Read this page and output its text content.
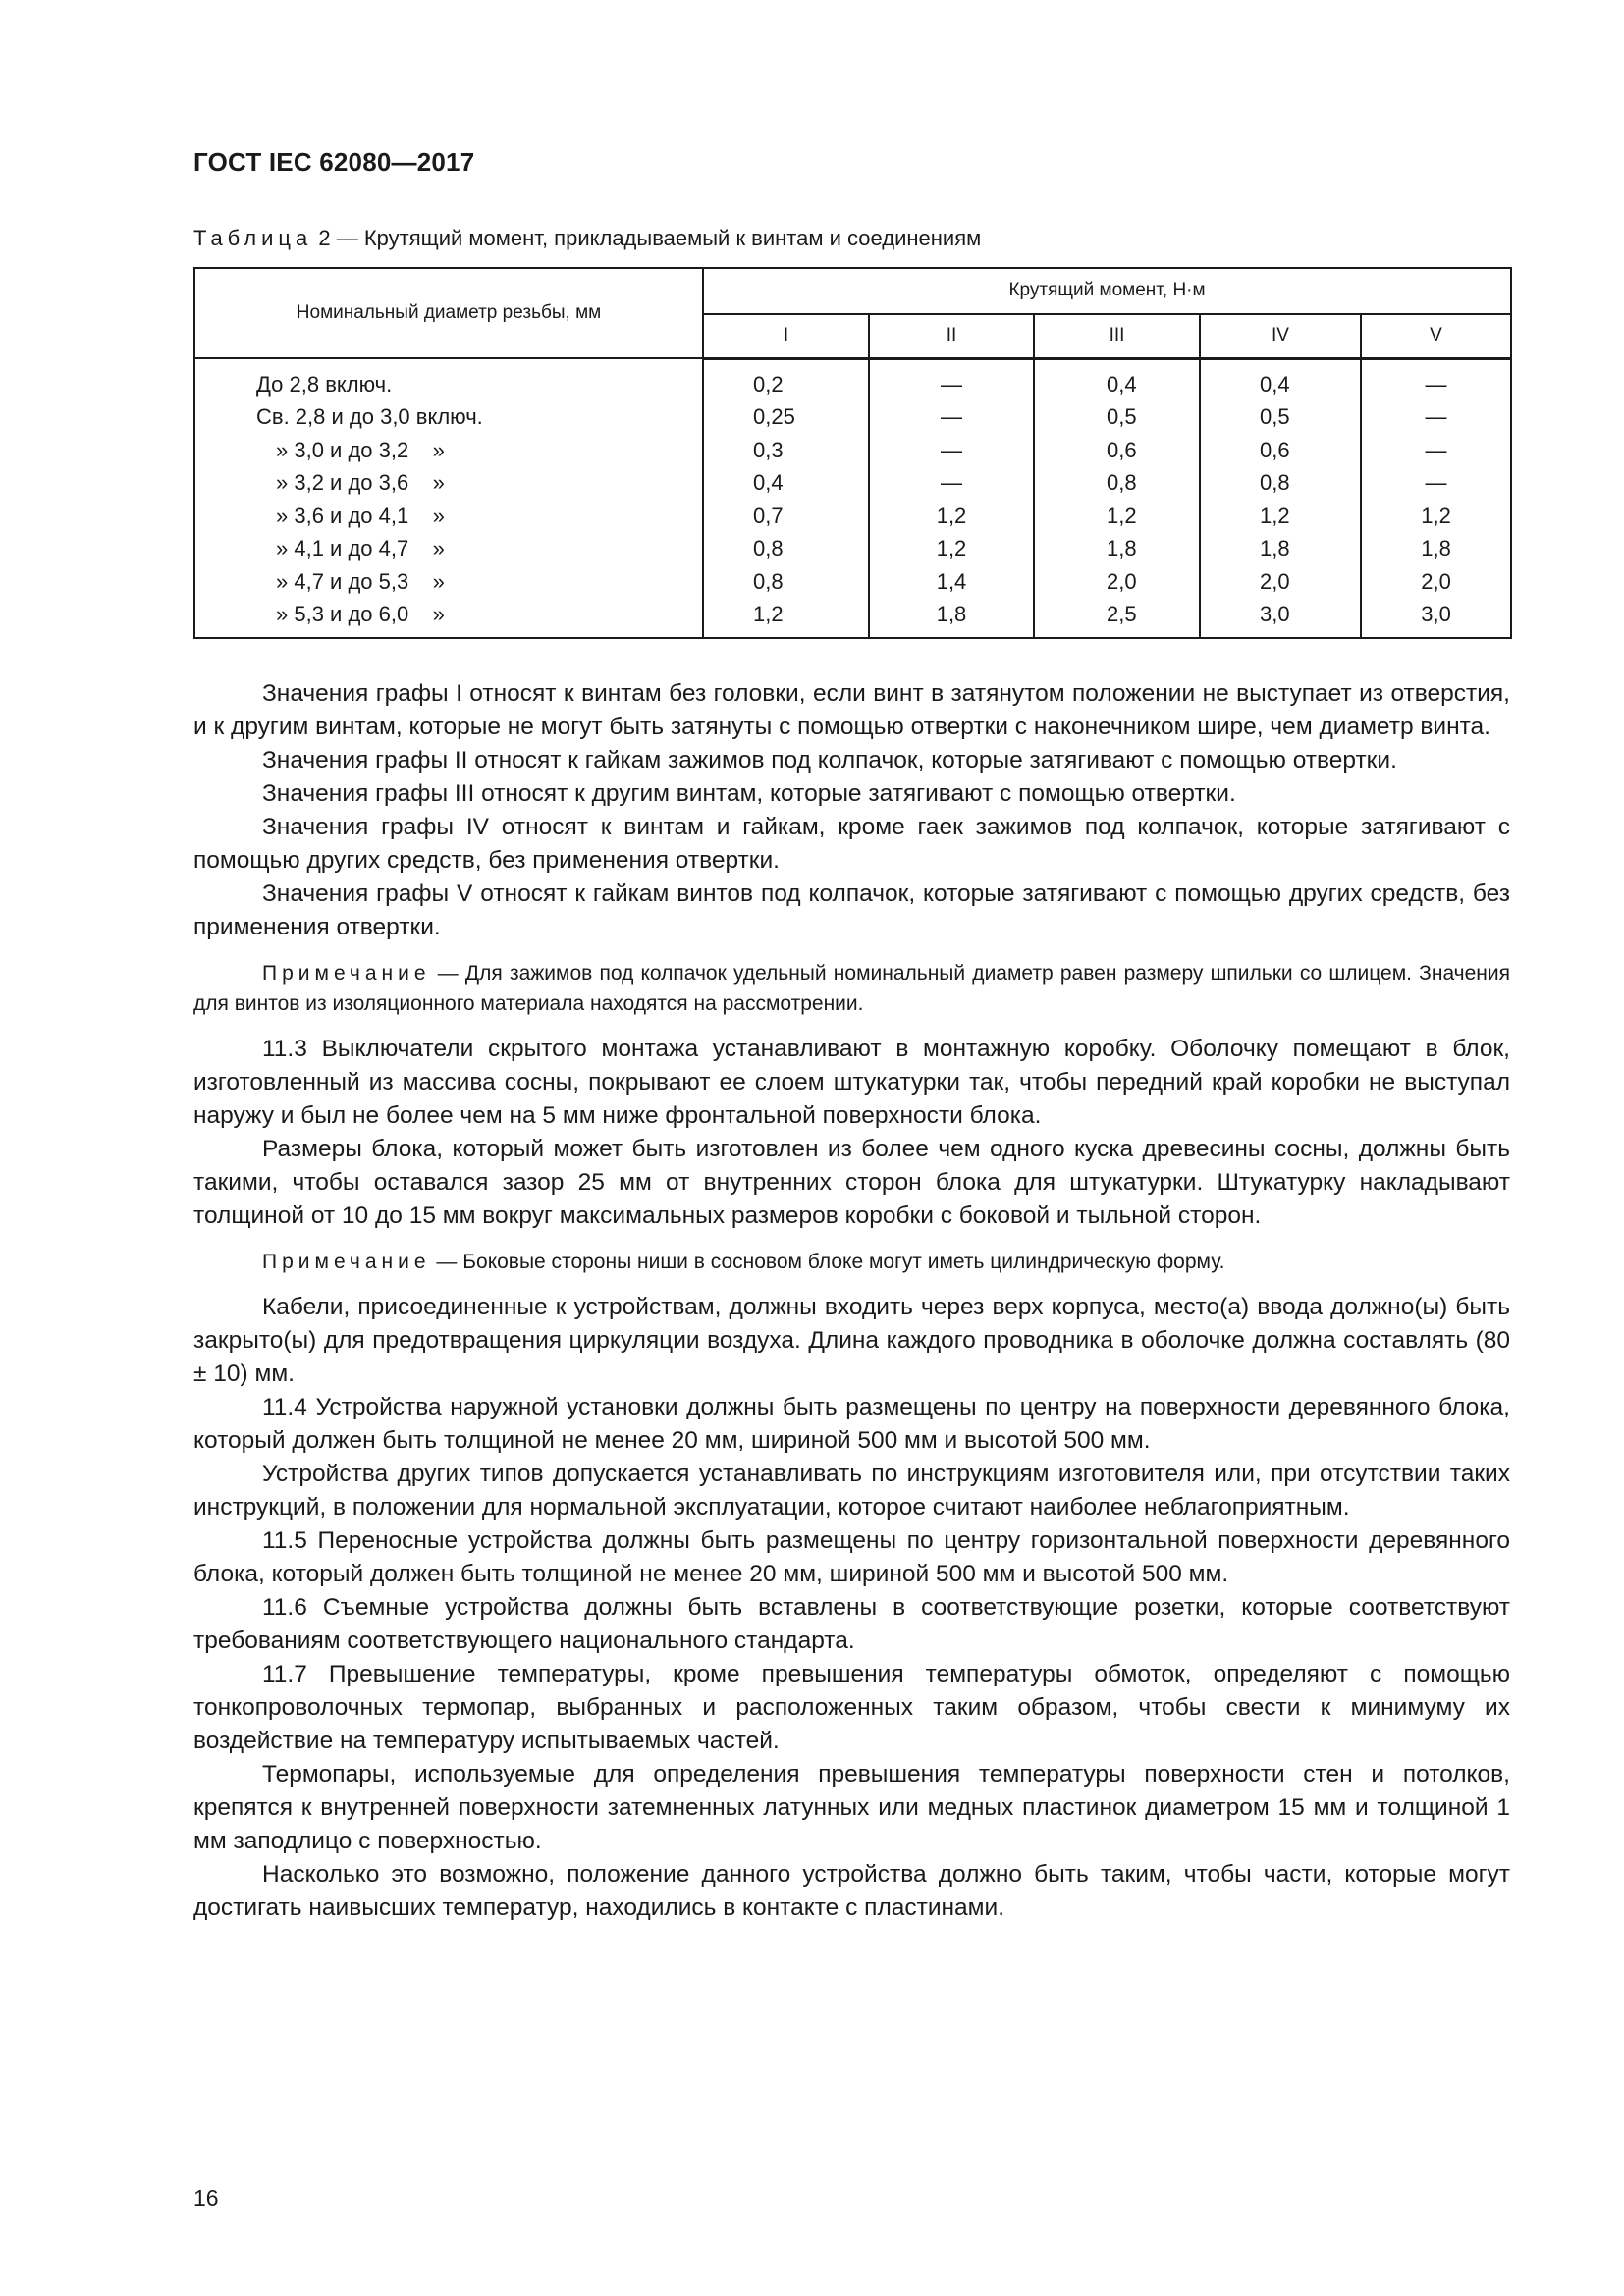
ГОСТ IEC 62080—2017
Таблица 2 — Крутящий момент, прикладываемый к винтам и соединениям
Номинальный диаметр резьбы, мм	Крутящий момент, Н·м				
	I	II	III	IV	V
До 2,8 включ.	0,2	—	0,4	0,4	—
Св. 2,8 и до 3,0 включ.	0,25	—	0,5	0,5	—
» 3,0 и до 3,2    »	0,3	—	0,6	0,6	—
» 3,2 и до 3,6    »	0,4	—	0,8	0,8	—
» 3,6 и до 4,1    »	0,7	1,2	1,2	1,2	1,2
» 4,1 и до 4,7    »	0,8	1,2	1,8	1,8	1,8
» 4,7 и до 5,3    »	0,8	1,4	2,0	2,0	2,0
» 5,3 и до 6,0    »	1,2	1,8	2,5	3,0	3,0

Значения графы I относят к винтам без головки, если винт в затянутом положении не выступает из отверстия, и к другим винтам, которые не могут быть затянуты с помощью отвертки с наконечником шире, чем диаметр винта.

Значения графы II относят к гайкам зажимов под колпачок, которые затягивают с помощью отвертки.

Значения графы III относят к другим винтам, которые затягивают с помощью отвертки.

Значения графы IV относят к винтам и гайкам, кроме гаек зажимов под колпачок, которые затягивают с помощью других средств, без применения отвертки.

Значения графы V относят к гайкам винтов под колпачок, которые затягивают с помощью других средств, без применения отвертки.

Примечание — Для зажимов под колпачок удельный номинальный диаметр равен размеру шпильки со шлицем. Значения для винтов из изоляционного материала находятся на рассмотрении.

11.3 Выключатели скрытого монтажа устанавливают в монтажную коробку. Оболочку помещают в блок, изготовленный из массива сосны, покрывают ее слоем штукатурки так, чтобы передний край коробки не выступал наружу и был не более чем на 5 мм ниже фронтальной поверхности блока.

Размеры блока, который может быть изготовлен из более чем одного куска древесины сосны, должны быть такими, чтобы оставался зазор 25 мм от внутренних сторон блока для штукатурки. Штукатурку накладывают толщиной от 10 до 15 мм вокруг максимальных размеров коробки с боковой и тыльной сторон.

Примечание — Боковые стороны ниши в сосновом блоке могут иметь цилиндрическую форму.

Кабели, присоединенные к устройствам, должны входить через верх корпуса, место(а) ввода должно(ы) быть закрыто(ы) для предотвращения циркуляции воздуха. Длина каждого проводника в оболочке должна составлять (80 ± 10) мм.

11.4 Устройства наружной установки должны быть размещены по центру на поверхности деревянного блока, который должен быть толщиной не менее 20 мм, шириной 500 мм и высотой 500 мм.

Устройства других типов допускается устанавливать по инструкциям изготовителя или, при отсутствии таких инструкций, в положении для нормальной эксплуатации, которое считают наиболее неблагоприятным.

11.5 Переносные устройства должны быть размещены по центру горизонтальной поверхности деревянного блока, который должен быть толщиной не менее 20 мм, шириной 500 мм и высотой 500 мм.

11.6 Съемные устройства должны быть вставлены в соответствующие розетки, которые соответствуют требованиям соответствующего национального стандарта.

11.7 Превышение температуры, кроме превышения температуры обмоток, определяют с помощью тонкопроволочных термопар, выбранных и расположенных таким образом, чтобы свести к минимуму их воздействие на температуру испытываемых частей.

Термопары, используемые для определения превышения температуры поверхности стен и потолков, крепятся к внутренней поверхности затемненных латунных или медных пластинок диаметром 15 мм и толщиной 1 мм заподлицо с поверхностью.

Насколько это возможно, положение данного устройства должно быть таким, чтобы части, которые могут достигать наивысших температур, находились в контакте с пластинами.

16
